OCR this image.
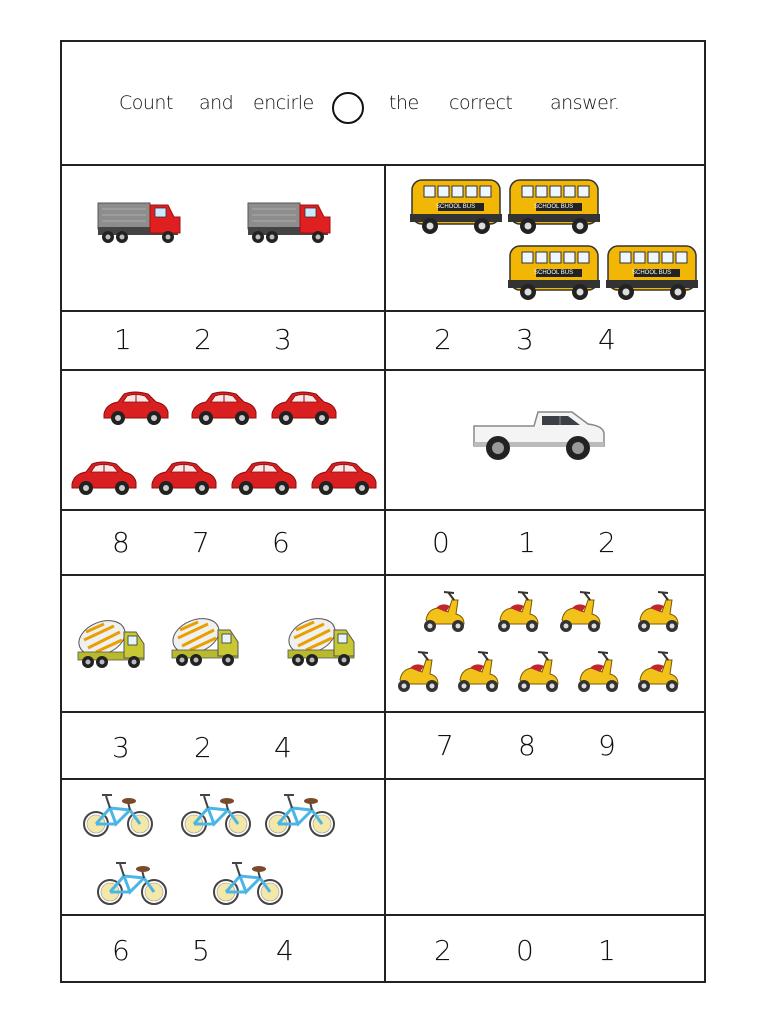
Count and encirle	the correct answer.
SCHOOL BUS	SCHOOL BUS
SCHOOL BUS	SCHOOL BUS
1 2 3	2 3 4
8 7 6	0 1 2
3 2 4	7 8 9
6 5 4	2 0 1
